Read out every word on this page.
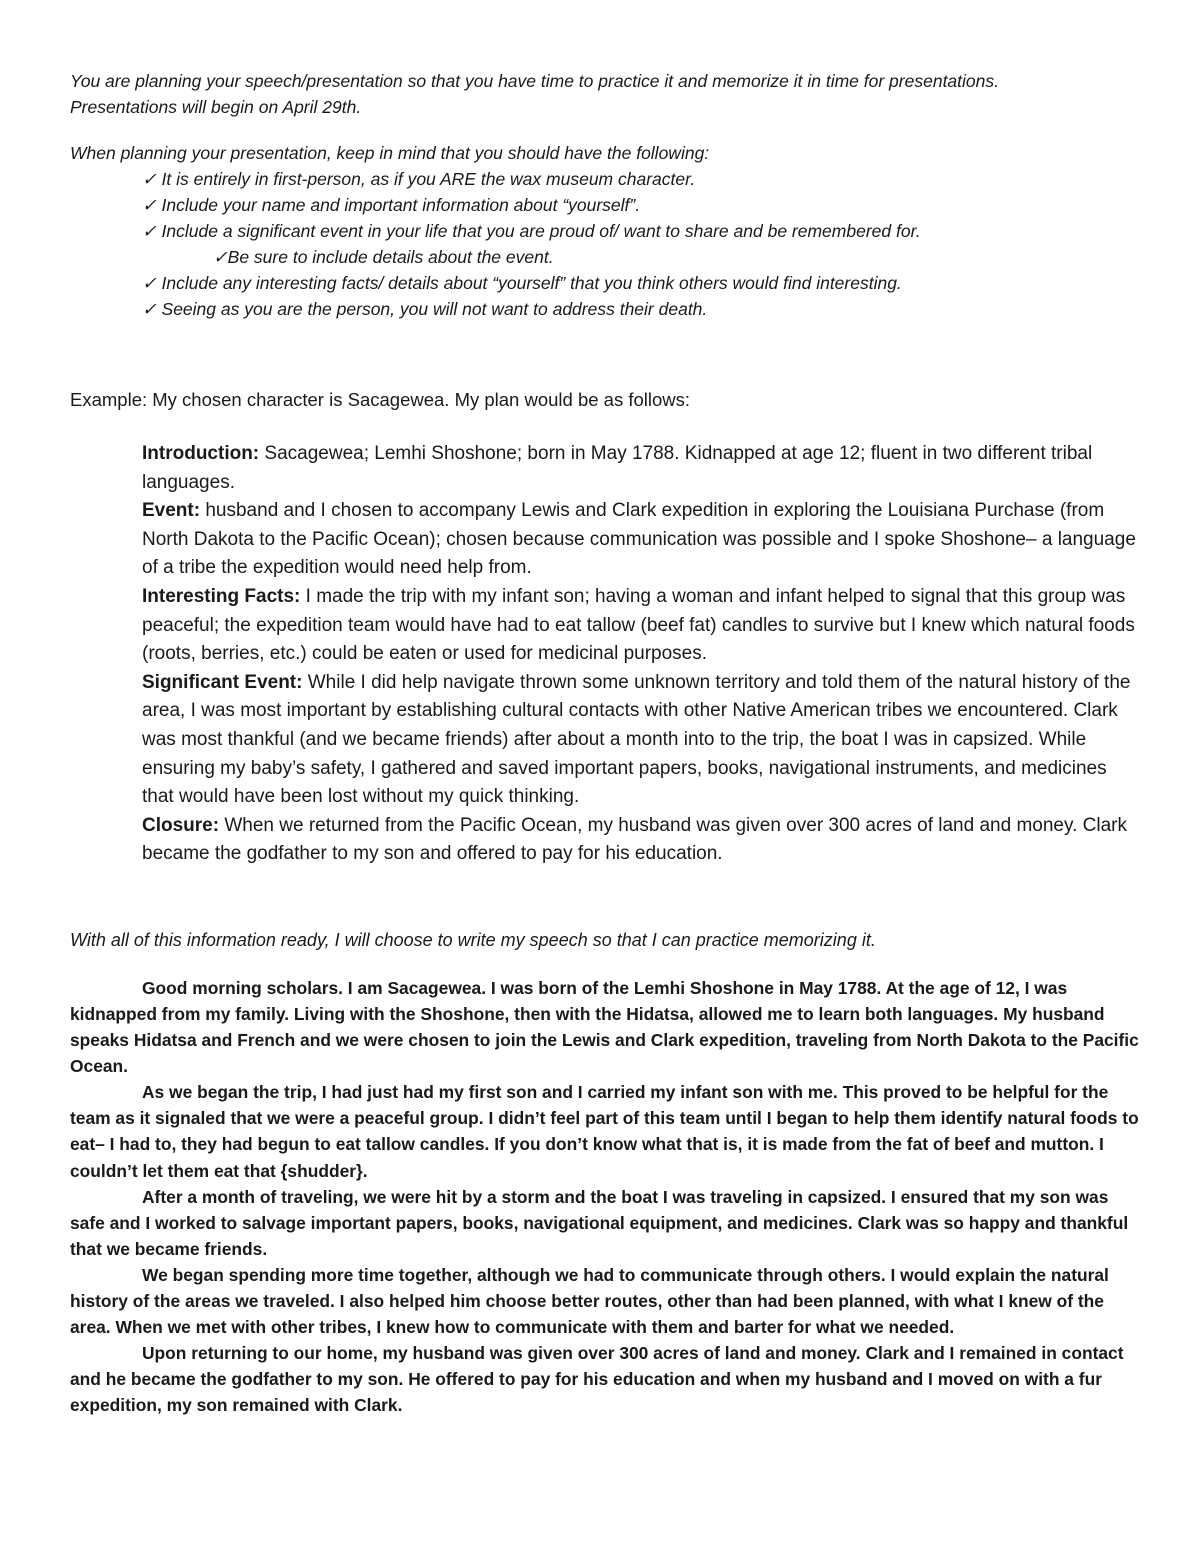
You are planning your speech/presentation so that you have time to practice it and memorize it in time for presentations.

Presentations will begin on April 29th.

When planning your presentation, keep in mind that you should have the following:

✓ It is entirely in first-person, as if you ARE the wax museum character.
✓ Include your name and important information about “yourself”.
✓ Include a significant event in your life that you are proud of/ want to share and be remembered for.
✓Be sure to include details about the event.
✓ Include any interesting facts/ details about “yourself” that you think others would find interesting.
✓ Seeing as you are the person, you will not want to address their death.

Example: My chosen character is Sacagewea. My plan would be as follows:

Introduction: Sacagewea; Lemhi Shoshone; born in May 1788. Kidnapped at age 12; fluent in two different tribal languages.

Event: husband and I chosen to accompany Lewis and Clark expedition in exploring the Louisiana Purchase (from North Dakota to the Pacific Ocean); chosen because communication was possible and I spoke Shoshone– a language of a tribe the expedition would need help from.

Interesting Facts: I made the trip with my infant son; having a woman and infant helped to signal that this group was peaceful; the expedition team would have had to eat tallow (beef fat) candles to survive but I knew which natural foods (roots, berries, etc.) could be eaten or used for medicinal purposes.

Significant Event: While I did help navigate thrown some unknown territory and told them of the natural history of the area, I was most important by establishing cultural contacts with other Native American tribes we encountered. Clark was most thankful (and we became friends) after about a month into to the trip, the boat I was in capsized. While ensuring my baby’s safety, I gathered and saved important papers, books, navigational instruments, and medicines that would have been lost without my quick thinking.

Closure: When we returned from the Pacific Ocean, my husband was given over 300 acres of land and money. Clark became the godfather to my son and offered to pay for his education.

With all of this information ready, I will choose to write my speech so that I can practice memorizing it.

Good morning scholars. I am Sacagewea. I was born of the Lemhi Shoshone in May 1788. At the age of 12, I was kidnapped from my family. Living with the Shoshone, then with the Hidatsa, allowed me to learn both languages. My husband speaks Hidatsa and French and we were chosen to join the Lewis and Clark expedition, traveling from North Dakota to the Pacific Ocean.

As we began the trip, I had just had my first son and I carried my infant son with me. This proved to be helpful for the team as it signaled that we were a peaceful group. I didn’t feel part of this team until I began to help them identify natural foods to eat– I had to, they had begun to eat tallow candles. If you don’t know what that is, it is made from the fat of beef and mutton. I couldn’t let them eat that {shudder}.

After a month of traveling, we were hit by a storm and the boat I was traveling in capsized. I ensured that my son was safe and I worked to salvage important papers, books, navigational equipment, and medicines. Clark was so happy and thankful that we became friends.

We began spending more time together, although we had to communicate through others. I would explain the natural history of the areas we traveled. I also helped him choose better routes, other than had been planned, with what I knew of the area. When we met with other tribes, I knew how to communicate with them and barter for what we needed.

Upon returning to our home, my husband was given over 300 acres of land and money. Clark and I remained in contact and he became the godfather to my son. He offered to pay for his education and when my husband and I moved on with a fur expedition, my son remained with Clark.
